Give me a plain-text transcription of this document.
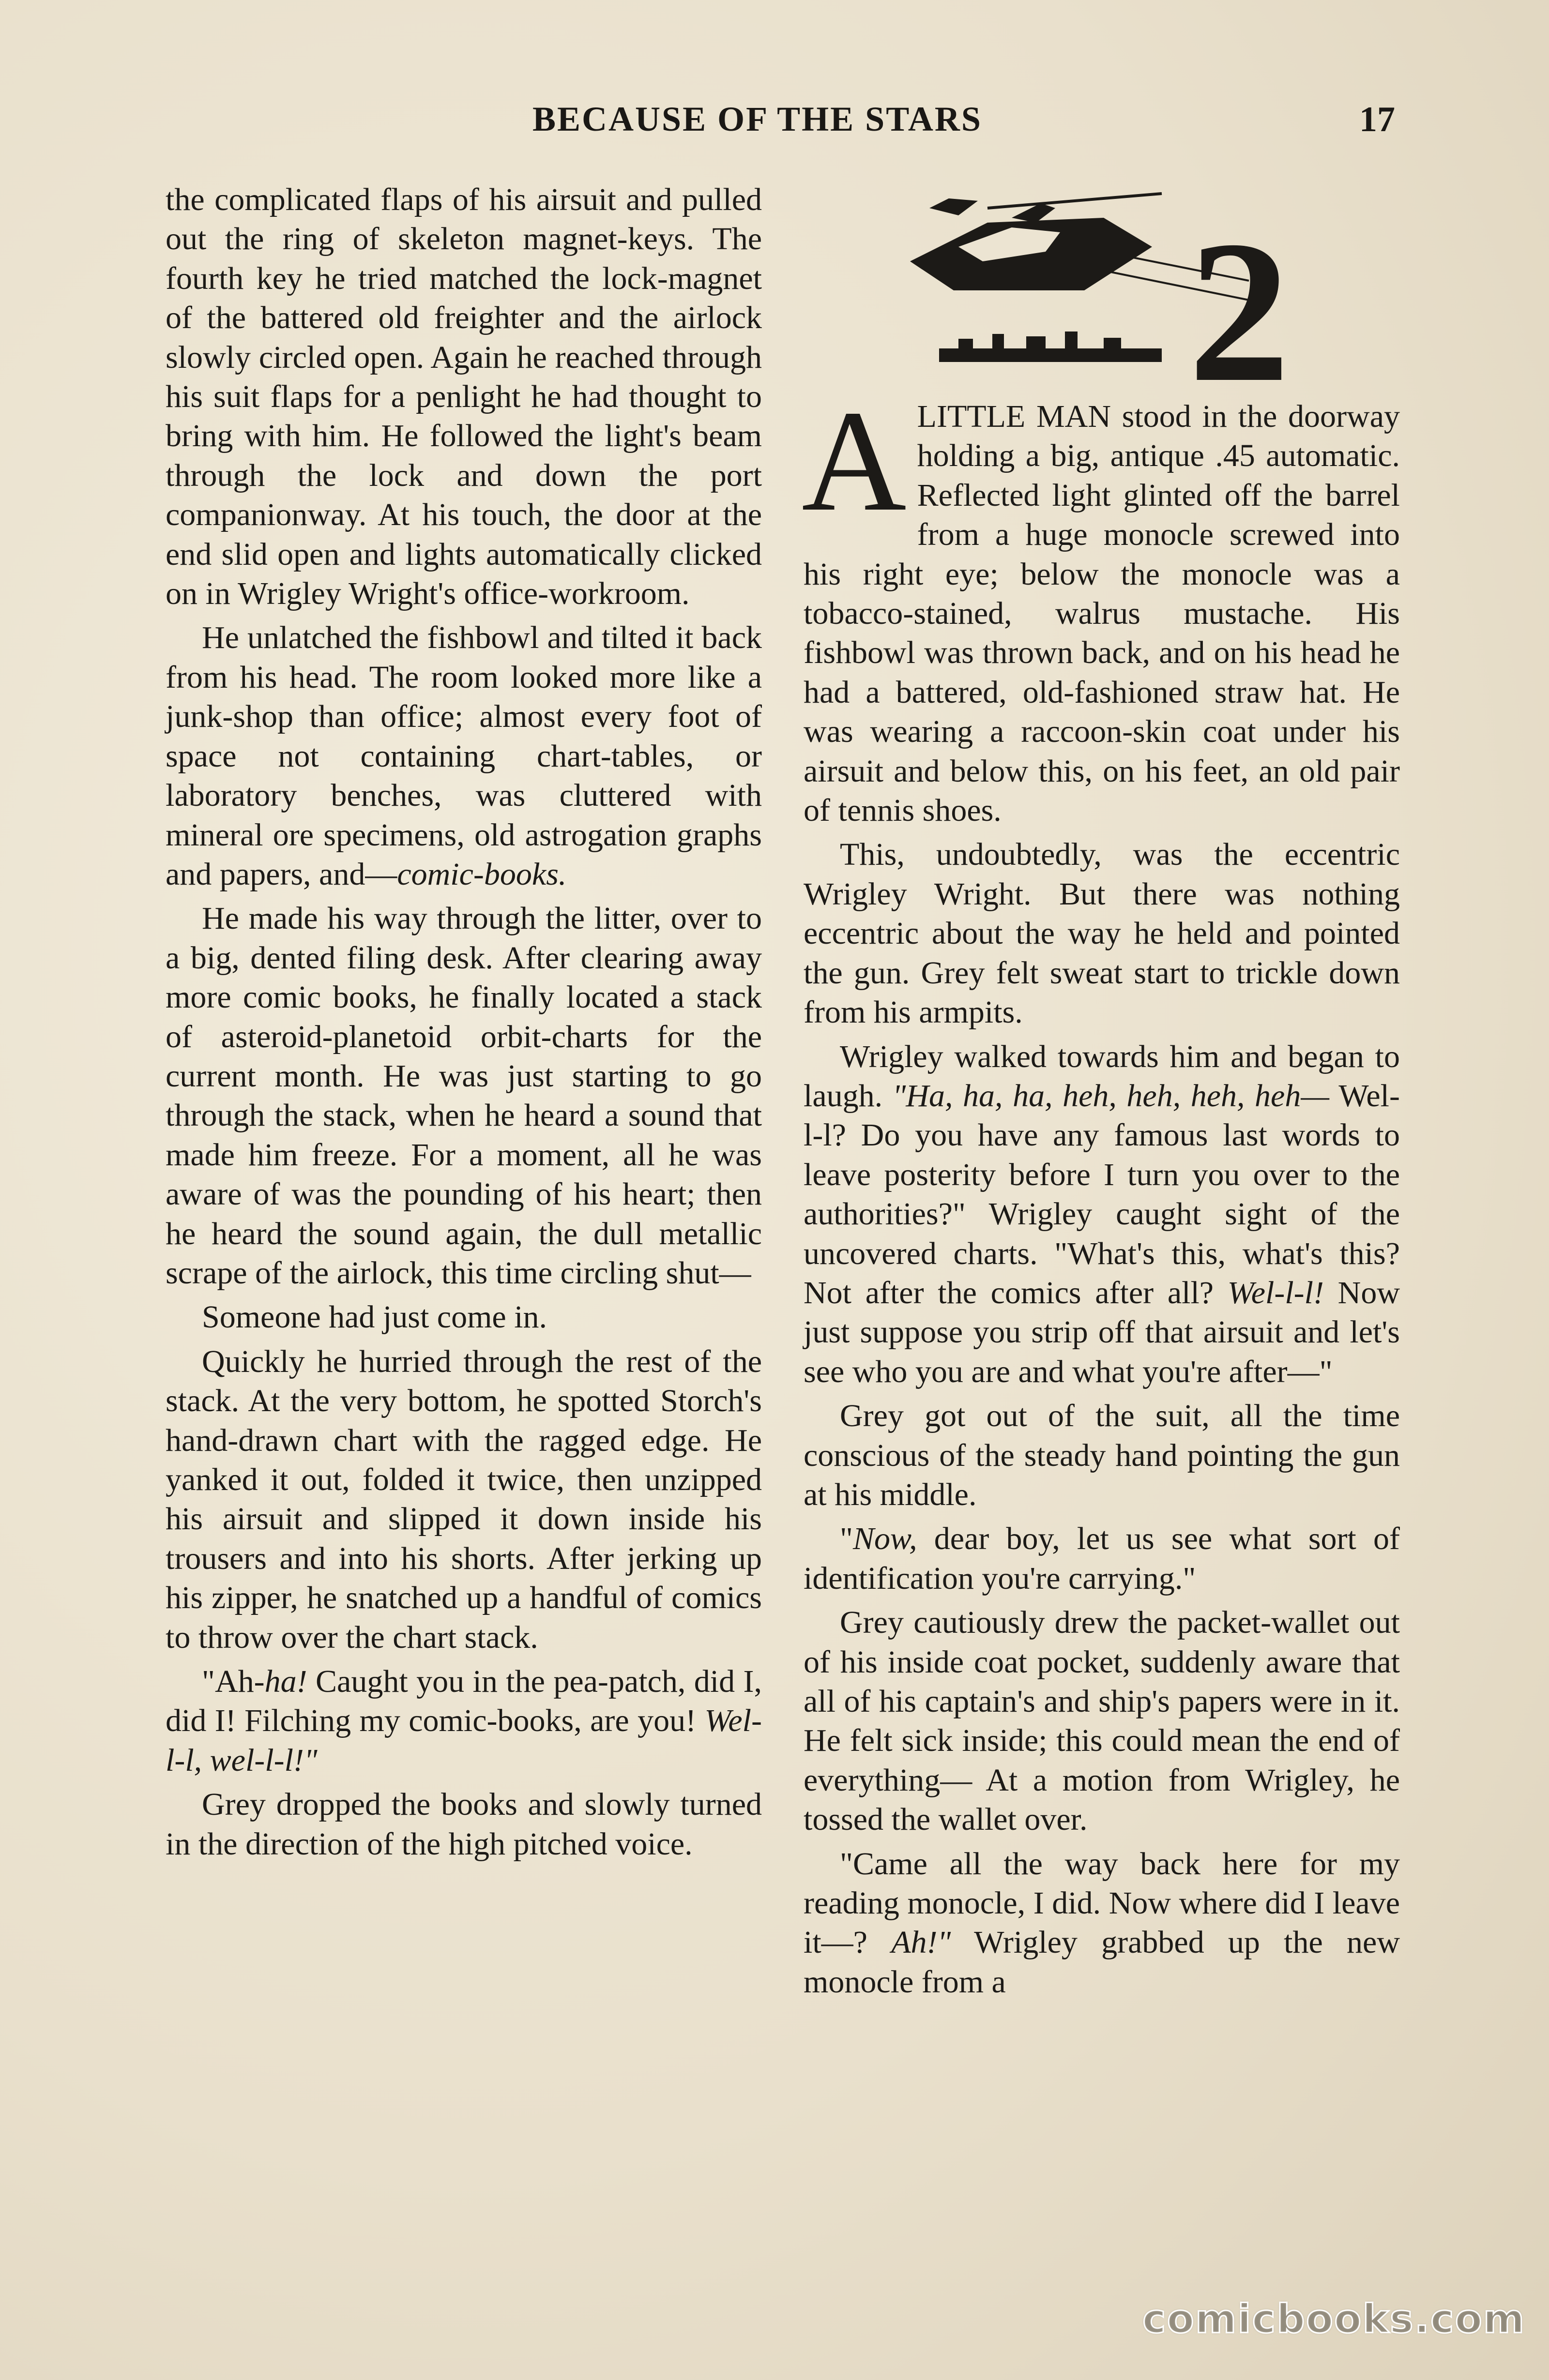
BECAUSE OF THE STARS	17
2

the complicated flaps of his airsuit and pulled out the ring of skeleton magnet-keys. The fourth key he tried matched the lock-magnet of the battered old freighter and the airlock slowly circled open. Again he reached through his suit flaps for a penlight he had thought to bring with him. He followed the light's beam through the lock and down the port companionway. At his touch, the door at the end slid open and lights automatically clicked on in Wrigley Wright's office-workroom.

He unlatched the fishbowl and tilted it back from his head. The room looked more like a junk-shop than office; almost every foot of space not containing chart-tables, or laboratory benches, was cluttered with mineral ore specimens, old astrogation graphs and papers, and—comic-books.

He made his way through the litter, over to a big, dented filing desk. After clearing away more comic books, he finally located a stack of asteroid-planetoid orbit-charts for the current month. He was just starting to go through the stack, when he heard a sound that made him freeze. For a moment, all he was aware of was the pounding of his heart; then he heard the sound again, the dull metallic scrape of the airlock, this time circling shut—

Someone had just come in.

Quickly he hurried through the rest of the stack. At the very bottom, he spotted Storch's hand-drawn chart with the ragged edge. He yanked it out, folded it twice, then unzipped his airsuit and slipped it down inside his trousers and into his shorts. After jerking up his zipper, he snatched up a handful of comics to throw over the chart stack.

"Ah-ha! Caught you in the pea-patch, did I, did I! Filching my comic-books, are you! Wel-l-l, wel-l-l!"

Grey dropped the books and slowly turned in the direction of the high pitched voice.

ALITTLE MAN stood in the doorway holding a big, antique .45 automatic. Reflected light glinted off the barrel from a huge monocle screwed into his right eye; below the monocle was a tobacco-stained, walrus mustache. His fishbowl was thrown back, and on his head he had a battered, old-fashioned straw hat. He was wearing a raccoon-skin coat under his airsuit and below this, on his feet, an old pair of tennis shoes.

This, undoubtedly, was the eccentric Wrigley Wright. But there was nothing eccentric about the way he held and pointed the gun. Grey felt sweat start to trickle down from his armpits.

Wrigley walked towards him and began to laugh. "Ha, ha, ha, heh, heh, heh, heh— Wel-l-l? Do you have any famous last words to leave posterity before I turn you over to the authorities?" Wrigley caught sight of the uncovered charts. "What's this, what's this? Not after the comics after all? Wel-l-l! Now just suppose you strip off that airsuit and let's see who you are and what you're after—"

Grey got out of the suit, all the time conscious of the steady hand pointing the gun at his middle.

"Now, dear boy, let us see what sort of identification you're carrying."

Grey cautiously drew the packet-wallet out of his inside coat pocket, suddenly aware that all of his captain's and ship's papers were in it. He felt sick inside; this could mean the end of everything— At a motion from Wrigley, he tossed the wallet over.

"Came all the way back here for my reading monocle, I did. Now where did I leave it—? Ah!" Wrigley grabbed up the new monocle from a

comicbooks.com
